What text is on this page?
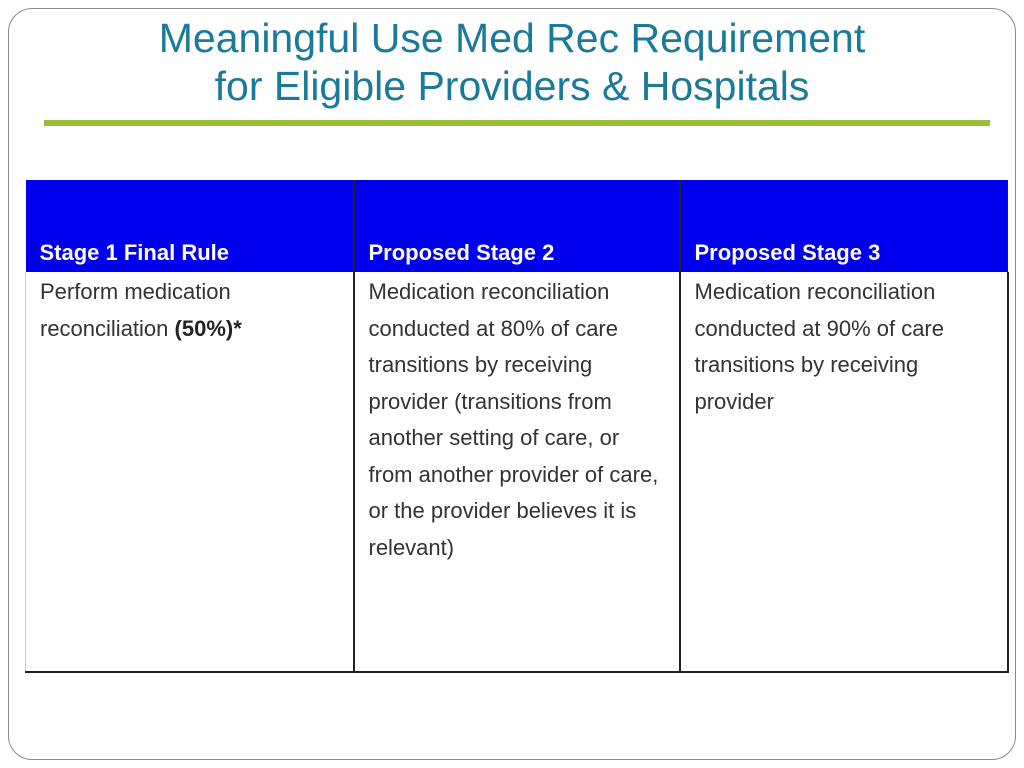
Meaningful Use Med Rec Requirement
for Eligible Providers & Hospitals
Stage 1 Final Rule	Proposed Stage 2	Proposed Stage 3
Perform medication reconciliation (50%)*	Medication reconciliation conducted at 80% of care transitions by receiving provider (transitions from another setting of care, or from another provider of care, or the provider believes it is relevant)	Medication reconciliation conducted at 90% of care transitions by receiving provider
